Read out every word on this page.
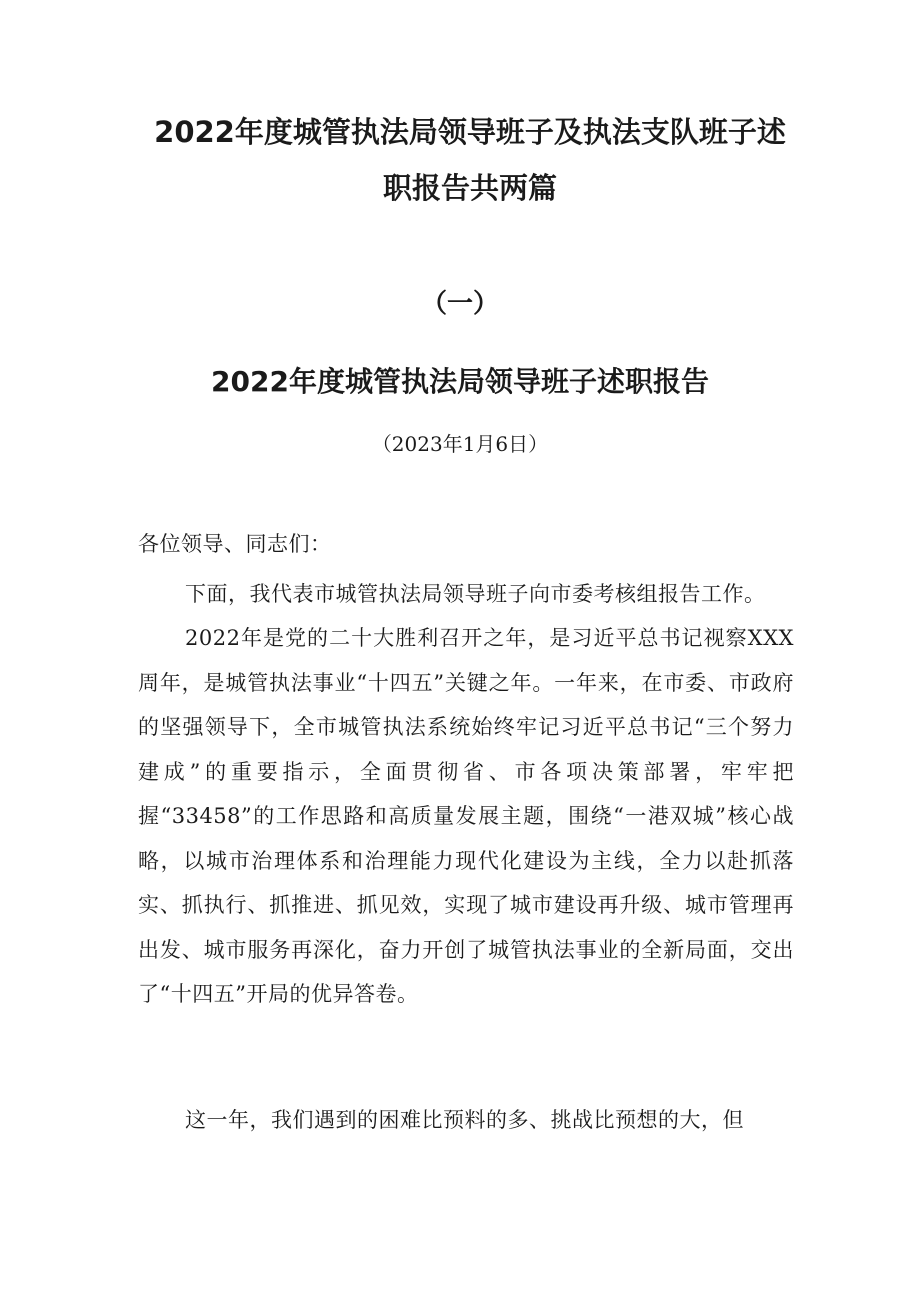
2022年度城管执法局领导班子及执法支队班子述
职报告共两篇
（一）
2022年度城管执法局领导班子述职报告
（2023年1月6日）

各位领导、同志们：

下面，我代表市城管执法局领导班子向市委考核组报告工作。

2022年是党的二十大胜利召开之年，是习近平总书记视察XXX周年，是城管执法事业“十四五”关键之年。一年来，在市委、市政府的坚强领导下，全市城管执法系统始终牢记习近平总书记“三个努力建成”的重要指示，全面贯彻省、市各项决策部署，牢牢把握“33458”的工作思路和高质量发展主题，围绕“一港双城”核心战略，以城市治理体系和治理能力现代化建设为主线，全力以赴抓落实、抓执行、抓推进、抓见效，实现了城市建设再升级、城市管理再出发、城市服务再深化，奋力开创了城管执法事业的全新局面，交出了“十四五”开局的优异答卷。

这一年，我们遇到的困难比预料的多、挑战比预想的大，但
